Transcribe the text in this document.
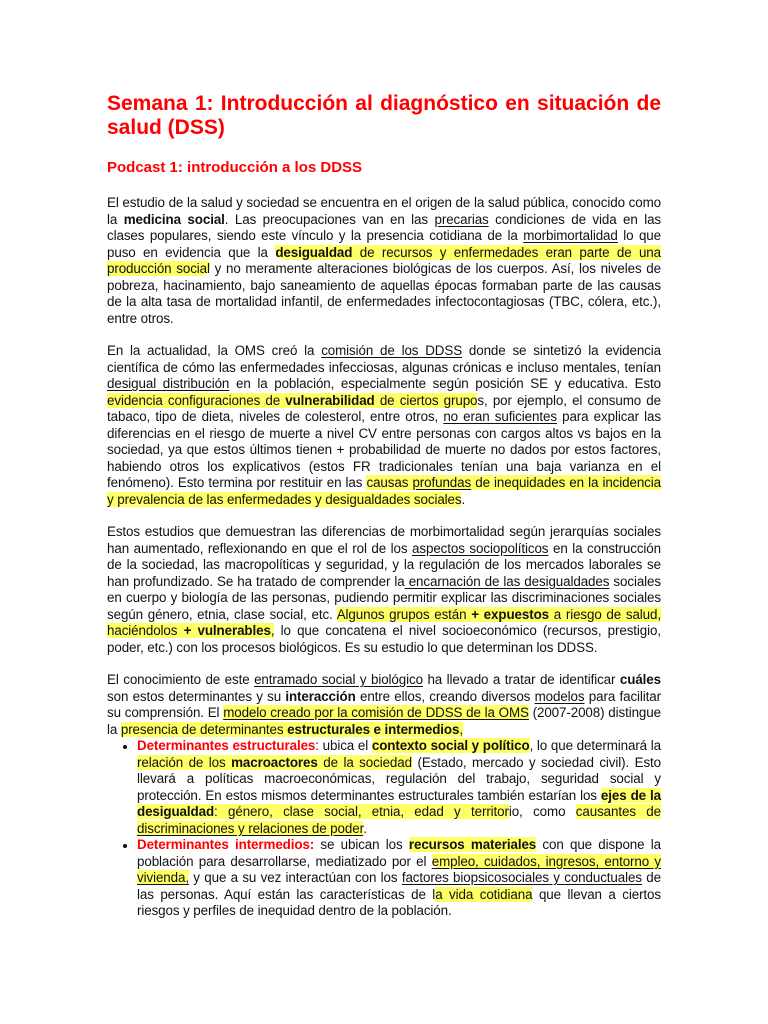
Semana 1: Introducción al diagnóstico en situación de salud (DSS)
Podcast 1: introducción a los DDSS

El estudio de la salud y sociedad se encuentra en el origen de la salud pública, conocido como la medicina social. Las preocupaciones van en las precarias condiciones de vida en las clases populares, siendo este vínculo y la presencia cotidiana de la morbimortalidad lo que puso en evidencia que la desigualdad de recursos y enfermedades eran parte de una producción social y no meramente alteraciones biológicas de los cuerpos. Así, los niveles de pobreza, hacinamiento, bajo saneamiento de aquellas épocas formaban parte de las causas de la alta tasa de mortalidad infantil, de enfermedades infectocontagiosas (TBC, cólera, etc.), entre otros.

En la actualidad, la OMS creó la comisión de los DDSS donde se sintetizó la evidencia científica de cómo las enfermedades infecciosas, algunas crónicas e incluso mentales, tenían desigual distribución en la población, especialmente según posición SE y educativa. Esto evidencia configuraciones de vulnerabilidad de ciertos grupos, por ejemplo, el consumo de tabaco, tipo de dieta, niveles de colesterol, entre otros, no eran suficientes para explicar las diferencias en el riesgo de muerte a nivel CV entre personas con cargos altos vs bajos en la sociedad, ya que estos últimos tienen + probabilidad de muerte no dados por estos factores, habiendo otros los explicativos (estos FR tradicionales tenían una baja varianza en el fenómeno). Esto termina por restituir en las causas profundas de inequidades en la incidencia y prevalencia de las enfermedades y desigualdades sociales.

Estos estudios que demuestran las diferencias de morbimortalidad según jerarquías sociales han aumentado, reflexionando en que el rol de los aspectos sociopolíticos en la construcción de la sociedad, las macropolíticas y seguridad, y la regulación de los mercados laborales se han profundizado. Se ha tratado de comprender la encarnación de las desigualdades sociales en cuerpo y biología de las personas, pudiendo permitir explicar las discriminaciones sociales según género, etnia, clase social, etc. Algunos grupos están + expuestos a riesgo de salud, haciéndolos + vulnerables, lo que concatena el nivel socioeconómico (recursos, prestigio, poder, etc.) con los procesos biológicos. Es su estudio lo que determinan los DDSS.

El conocimiento de este entramado social y biológico ha llevado a tratar de identificar cuáles son estos determinantes y su interacción entre ellos, creando diversos modelos para facilitar su comprensión. El modelo creado por la comisión de DDSS de la OMS (2007-2008) distingue la presencia de determinantes estructurales e intermedios,

• Determinantes estructurales: ubica el contexto social y político, lo que determinará la relación de los macroactores de la sociedad (Estado, mercado y sociedad civil). Esto llevará a políticas macroeconómicas, regulación del trabajo, seguridad social y protección. En estos mismos determinantes estructurales también estarían los ejes de la desigualdad: género, clase social, etnia, edad y territorio, como causantes de discriminaciones y relaciones de poder.
• Determinantes intermedios: se ubican los recursos materiales con que dispone la población para desarrollarse, mediatizado por el empleo, cuidados, ingresos, entorno y vivienda, y que a su vez interactúan con los factores biopsicosociales y conductuales de las personas. Aquí están las características de la vida cotidiana que llevan a ciertos riesgos y perfiles de inequidad dentro de la población.
